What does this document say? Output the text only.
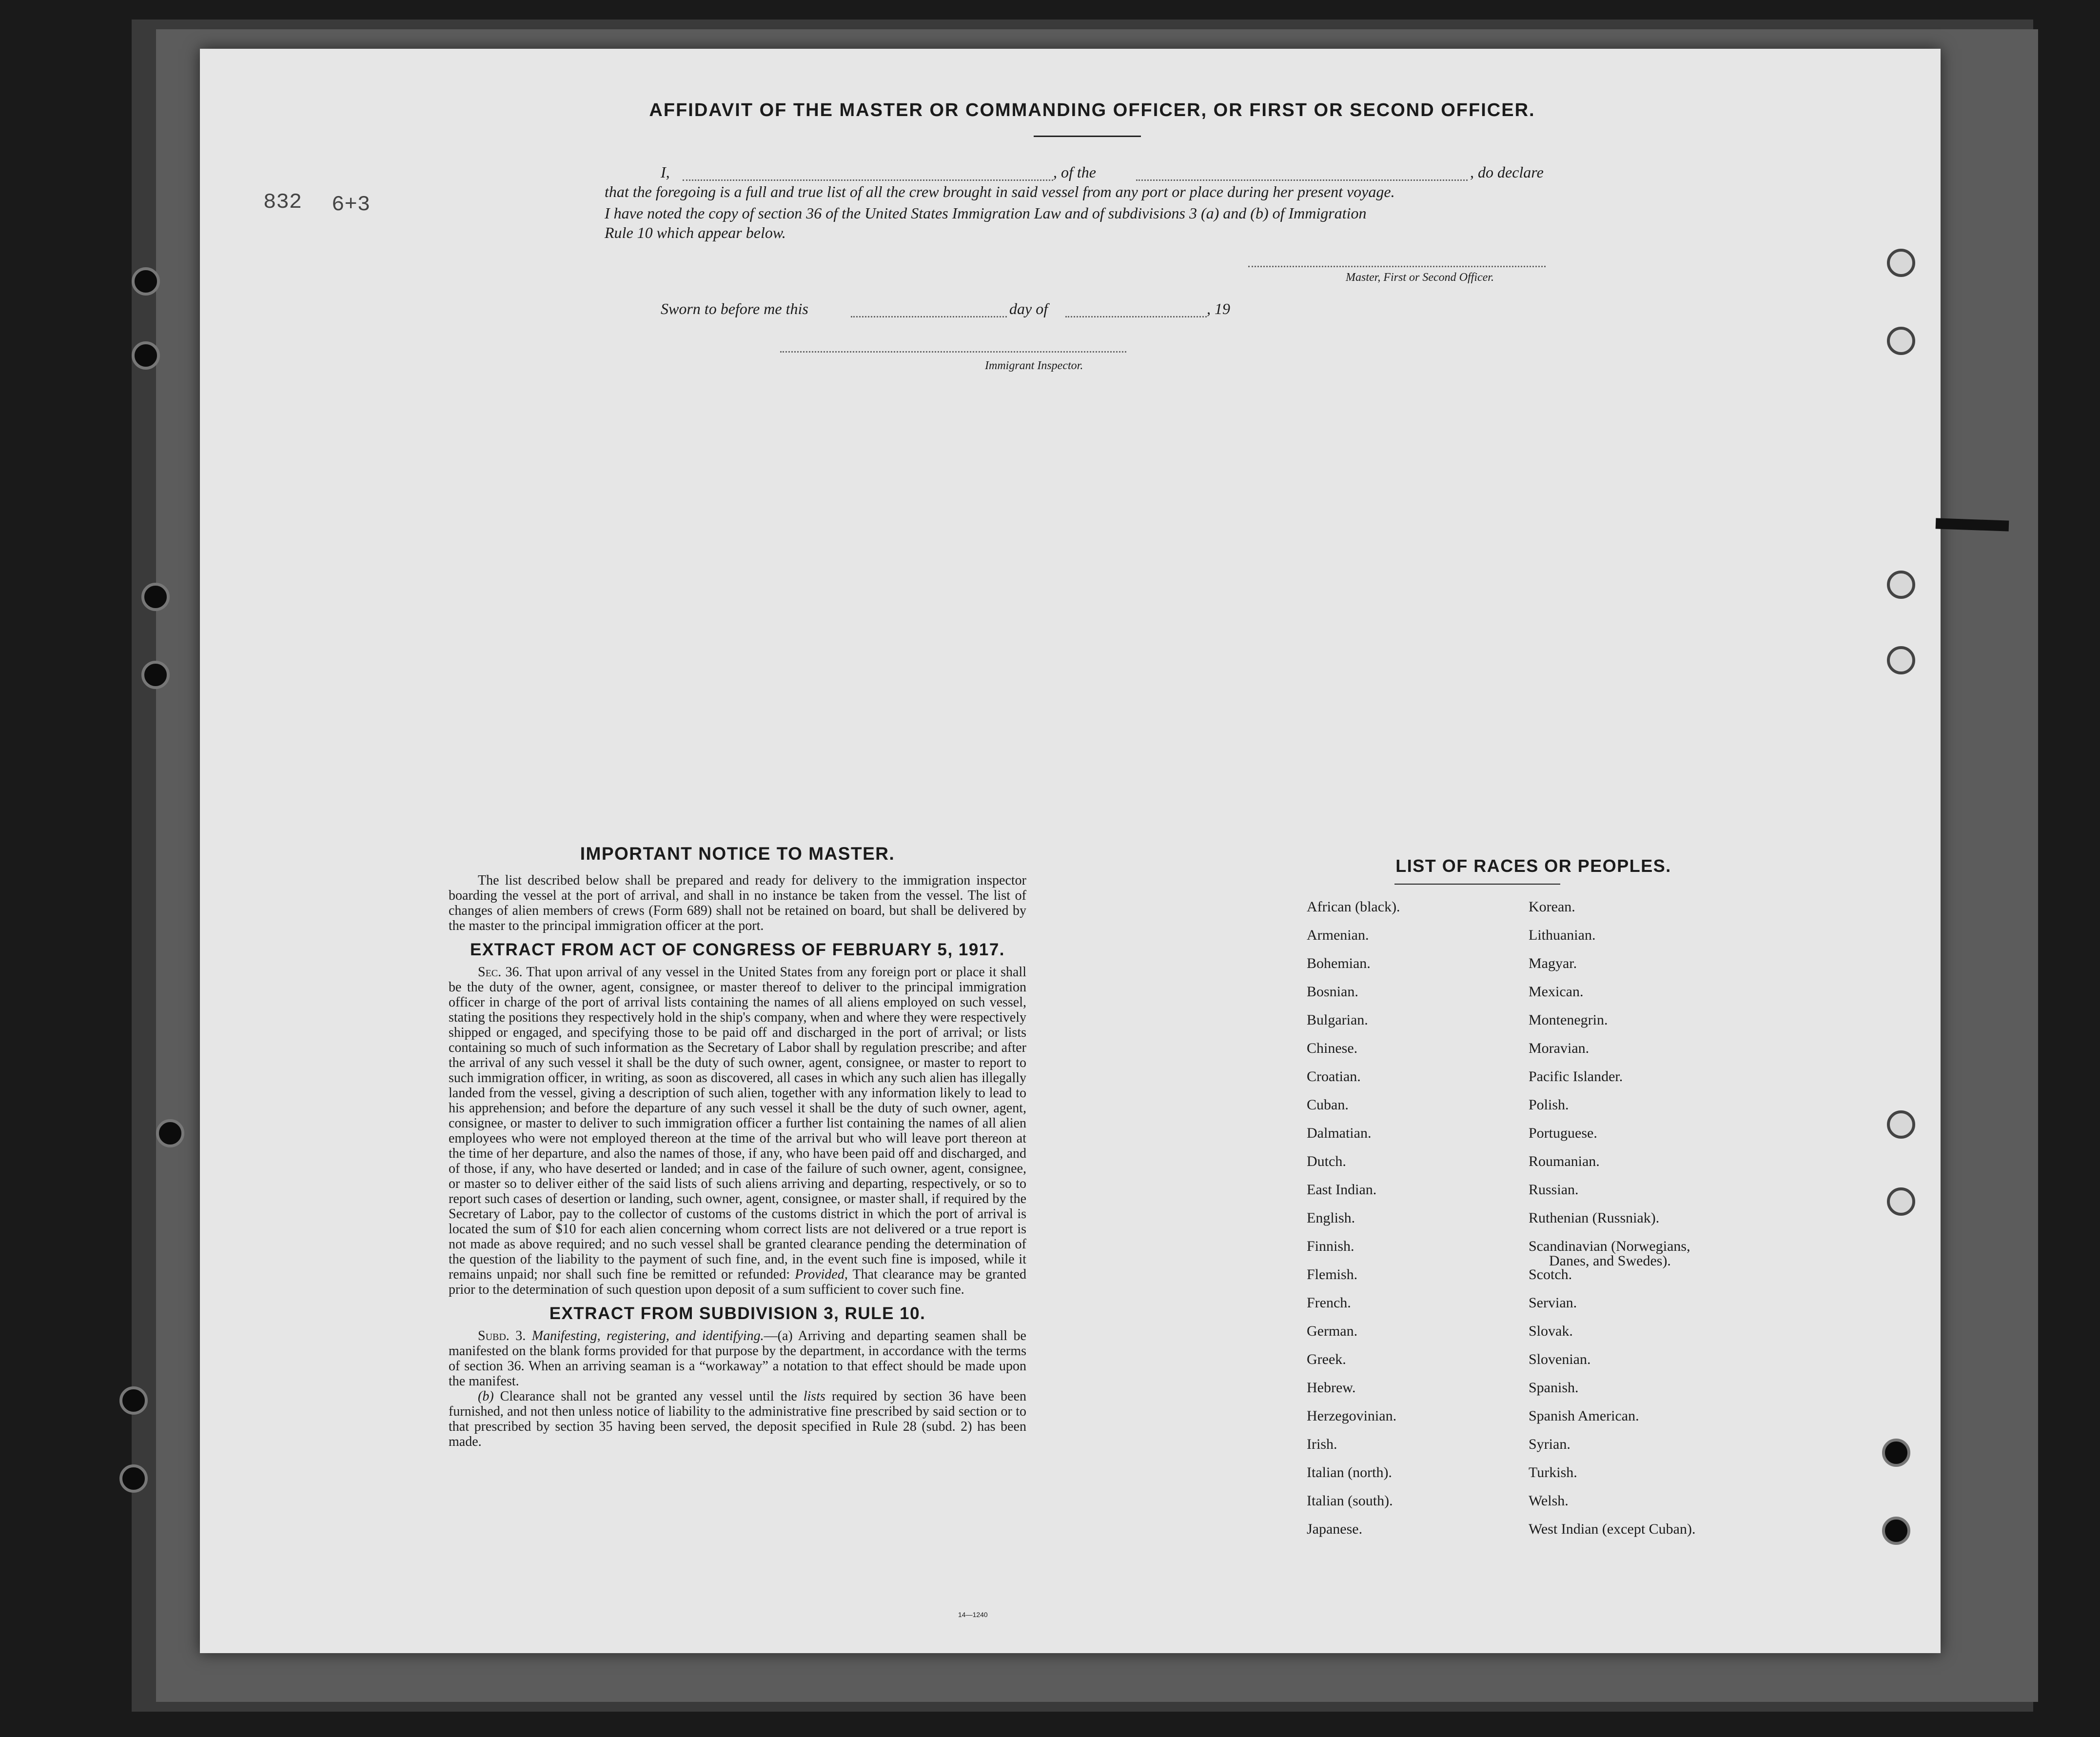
832 6+3
AFFIDAVIT OF THE MASTER OR COMMANDING OFFICER, OR FIRST OR SECOND OFFICER.
I,	, of the	, do declare
that the foregoing is a full and true list of all the crew brought in said vessel from any port or place during her present voyage.
I have noted the copy of section 36 of the United States Immigration Law and of subdivisions 3 (a) and (b) of Immigration
Rule 10 which appear below.
Master, First or Second Officer.
Sworn to before me this	day of	, 19
Immigrant Inspector.

IMPORTANT NOTICE TO MASTER.

The list described below shall be prepared and ready for delivery to the immigration inspector boarding the vessel at the port of arrival, and shall in no instance be taken from the vessel. The list of changes of alien members of crews (Form 689) shall not be retained on board, but shall be delivered by the master to the principal immigration officer at the port.

EXTRACT FROM ACT OF CONGRESS OF FEBRUARY 5, 1917.

Sec. 36. That upon arrival of any vessel in the United States from any foreign port or place it shall be the duty of the owner, agent, consignee, or master thereof to deliver to the principal immigration officer in charge of the port of arrival lists containing the names of all aliens employed on such vessel, stating the positions they respectively hold in the ship's company, when and where they were respectively shipped or engaged, and specifying those to be paid off and discharged in the port of arrival; or lists containing so much of such information as the Secretary of Labor shall by regulation prescribe; and after the arrival of any such vessel it shall be the duty of such owner, agent, consignee, or master to report to such immigration officer, in writing, as soon as discovered, all cases in which any such alien has illegally landed from the vessel, giving a description of such alien, together with any information likely to lead to his apprehension; and before the departure of any such vessel it shall be the duty of such owner, agent, consignee, or master to deliver to such immigration officer a further list containing the names of all alien employees who were not employed thereon at the time of the arrival but who will leave port thereon at the time of her departure, and also the names of those, if any, who have been paid off and discharged, and of those, if any, who have deserted or landed; and in case of the failure of such owner, agent, consignee, or master so to deliver either of the said lists of such aliens arriving and departing, respectively, or so to report such cases of desertion or landing, such owner, agent, consignee, or master shall, if required by the Secretary of Labor, pay to the collector of customs of the customs district in which the port of arrival is located the sum of $10 for each alien concerning whom correct lists are not delivered or a true report is not made as above required; and no such vessel shall be granted clearance pending the determination of the question of the liability to the payment of such fine, and, in the event such fine is imposed, while it remains unpaid; nor shall such fine be remitted or refunded: Provided, That clearance may be granted prior to the determination of such question upon deposit of a sum sufficient to cover such fine.

EXTRACT FROM SUBDIVISION 3, RULE 10.

Subd. 3. Manifesting, registering, and identifying.—(a) Arriving and departing seamen shall be manifested on the blank forms provided for that purpose by the department, in accordance with the terms of section 36. When an arriving seaman is a “workaway” a notation to that effect should be made upon the manifest.

(b) Clearance shall not be granted any vessel until the lists required by section 36 have been furnished, and not then unless notice of liability to the administrative fine prescribed by said section or to that prescribed by section 35 having been served, the deposit specified in Rule 28 (subd. 2) has been made.

14—1240
LIST OF RACES OR PEOPLES.
African (black).
Armenian.
Bohemian.
Bosnian.
Bulgarian.
Chinese.
Croatian.
Cuban.
Dalmatian.
Dutch.
East Indian.
English.
Finnish.
Flemish.
French.
German.
Greek.
Hebrew.
Herzegovinian.
Irish.
Italian (north).
Italian (south).
Japanese.
Korean.
Lithuanian.
Magyar.
Mexican.
Montenegrin.
Moravian.
Pacific Islander.
Polish.
Portuguese.
Roumanian.
Russian.
Ruthenian (Russniak).
Scandinavian (Norwegians,
Danes, and Swedes).
Scotch.
Servian.
Slovak.
Slovenian.
Spanish.
Spanish American.
Syrian.
Turkish.
Welsh.
West Indian (except Cuban).
